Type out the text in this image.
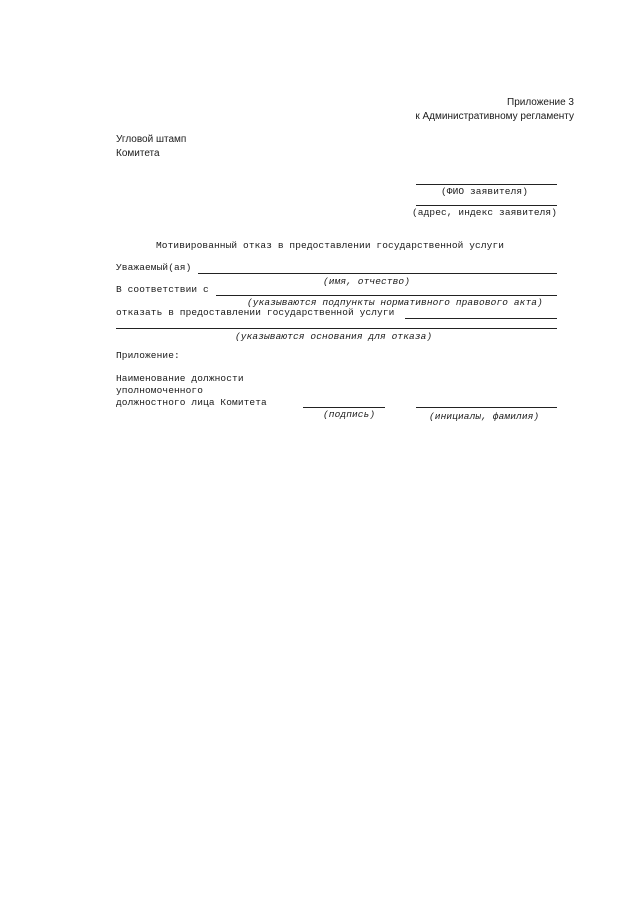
Приложение 3
к Административному регламенту
Угловой штамп
Комитета
(ФИО заявителя)
(адрес, индекс заявителя)
Мотивированный отказ в предоставлении государственной услуги
Уважаемый(ая)
(имя, отчество)
В соответствии с
(указываются подпункты нормативного правового акта)
отказать в предоставлении государственной услуги
(указываются основания для отказа)
Приложение:
Наименование должности
уполномоченного
должностного лица Комитета
(подпись)	(инициалы, фамилия)
